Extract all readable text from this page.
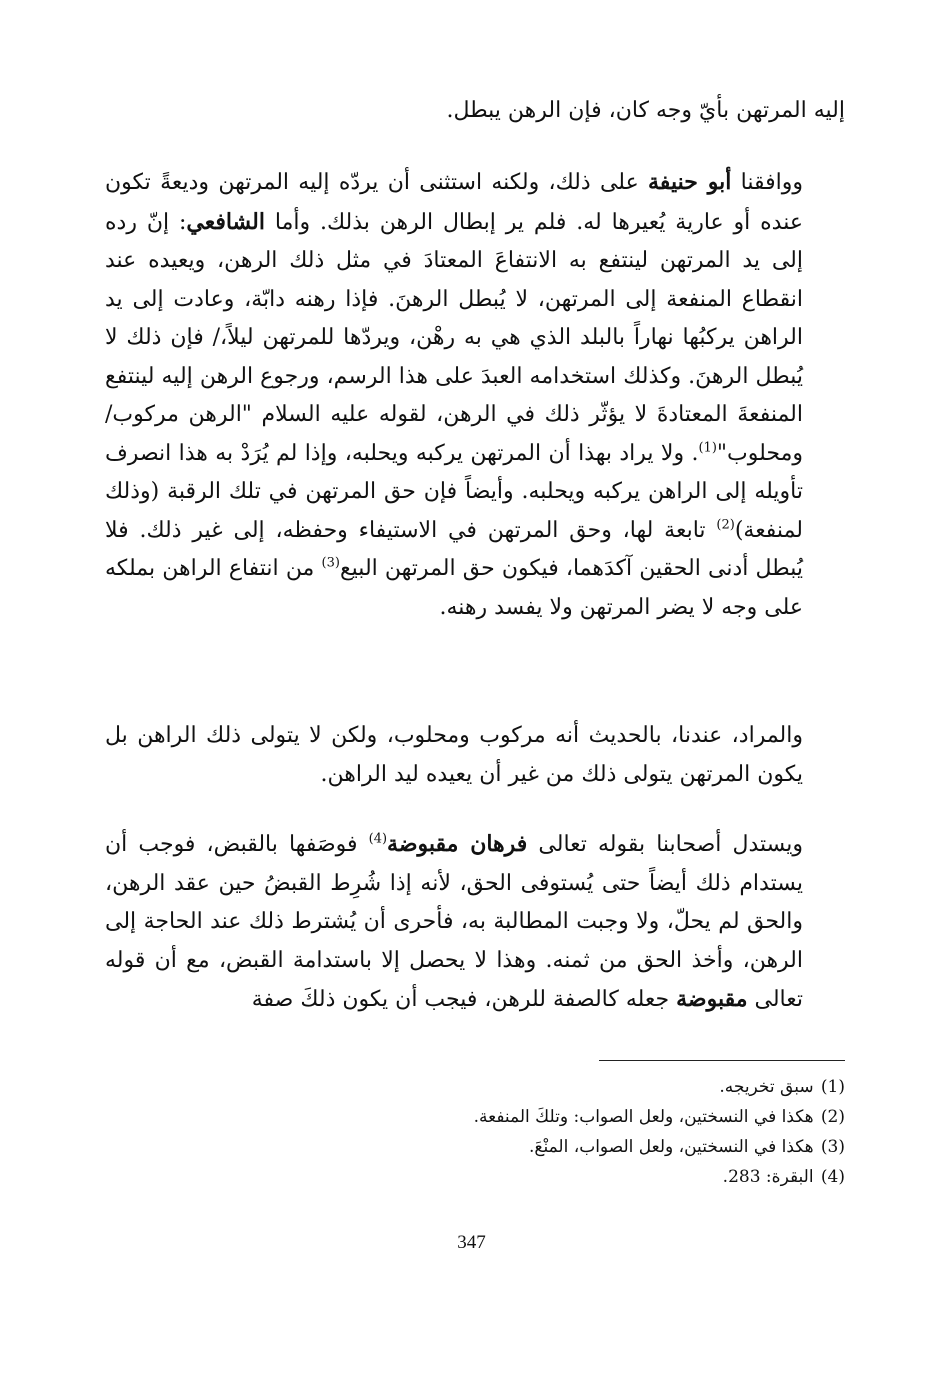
إليه المرتهن بأيّ وجه كان، فإن الرهن يبطل.
ووافقنا أبو حنيفة على ذلك، ولكنه استثنى أن يردّه إليه المرتهن وديعةً تكون عنده أو عارية يُعيرها له. فلم ير إبطال الرهن بذلك. وأما الشافعي: إنّ رده إلى يد المرتهن لينتفع به الانتفاعَ المعتادَ في مثل ذلك الرهن، ويعيده عند انقطاع المنفعة إلى المرتهن، لا يُبطل الرهنَ. فإذا رهنه دابّة، وعادت إلى يد الراهن يركبُها نهاراً بالبلد الذي هي به رهْن، ويردّها للمرتهن ليلاً،/ فإن ذلك لا يُبطل الرهنَ. وكذلك استخدامه العبدَ على هذا الرسم، ورجوع الرهن إليه لينتفع المنفعةَ المعتادةَ لا يؤثّر ذلك في الرهن، لقوله عليه السلام "الرهن مركوب/ ومحلوب"$^{(1)}$. ولا يراد بهذا أن المرتهن يركبه ويحلبه، وإذا لم يُرَدْ به هذا انصرف تأويله إلى الراهن يركبه ويحلبه. وأيضاً فإن حق المرتهن في تلك الرقبة (وذلك لمنفعة)$^{(2)}$ تابعة لها، وحق المرتهن في الاستيفاء وحفظه، إلى غير ذلك. فلا يُبطل أدنى الحقين آكدَهما، فيكون حق المرتهن البيع$^{(3)}$ من انتفاع الراهن بملكه على وجه لا يضر المرتهن ولا يفسد رهنه.
والمراد، عندنا، بالحديث أنه مركوب ومحلوب، ولكن لا يتولى ذلك الراهن بل يكون المرتهن يتولى ذلك من غير أن يعيده ليد الراهن.
ويستدل أصحابنا بقوله تعالى فرهان مقبوضة$^{(4)}$ فوصَفها بالقبض، فوجب أن يستدام ذلك أيضاً حتى يُستوفى الحق، لأنه إذا شُرِط القبضُ حين عقد الرهن، والحق لم يحلّ، ولا وجبت المطالبة به، فأحرى أن يُشترط ذلك عند الحاجة إلى الرهن، وأخذ الحق من ثمنه. وهذا لا يحصل إلا باستدامة القبض، مع أن قوله تعالى مقبوضة جعله كالصفة للرهن، فيجب أن يكون ذلكَ صفة
(1) سبق تخريجه.
(2) هكذا في النسختين، ولعل الصواب: وتلكَ المنفعة.
(3) هكذا في النسختين، ولعل الصواب، المنْعَ.
(4) البقرة: 283.
347
